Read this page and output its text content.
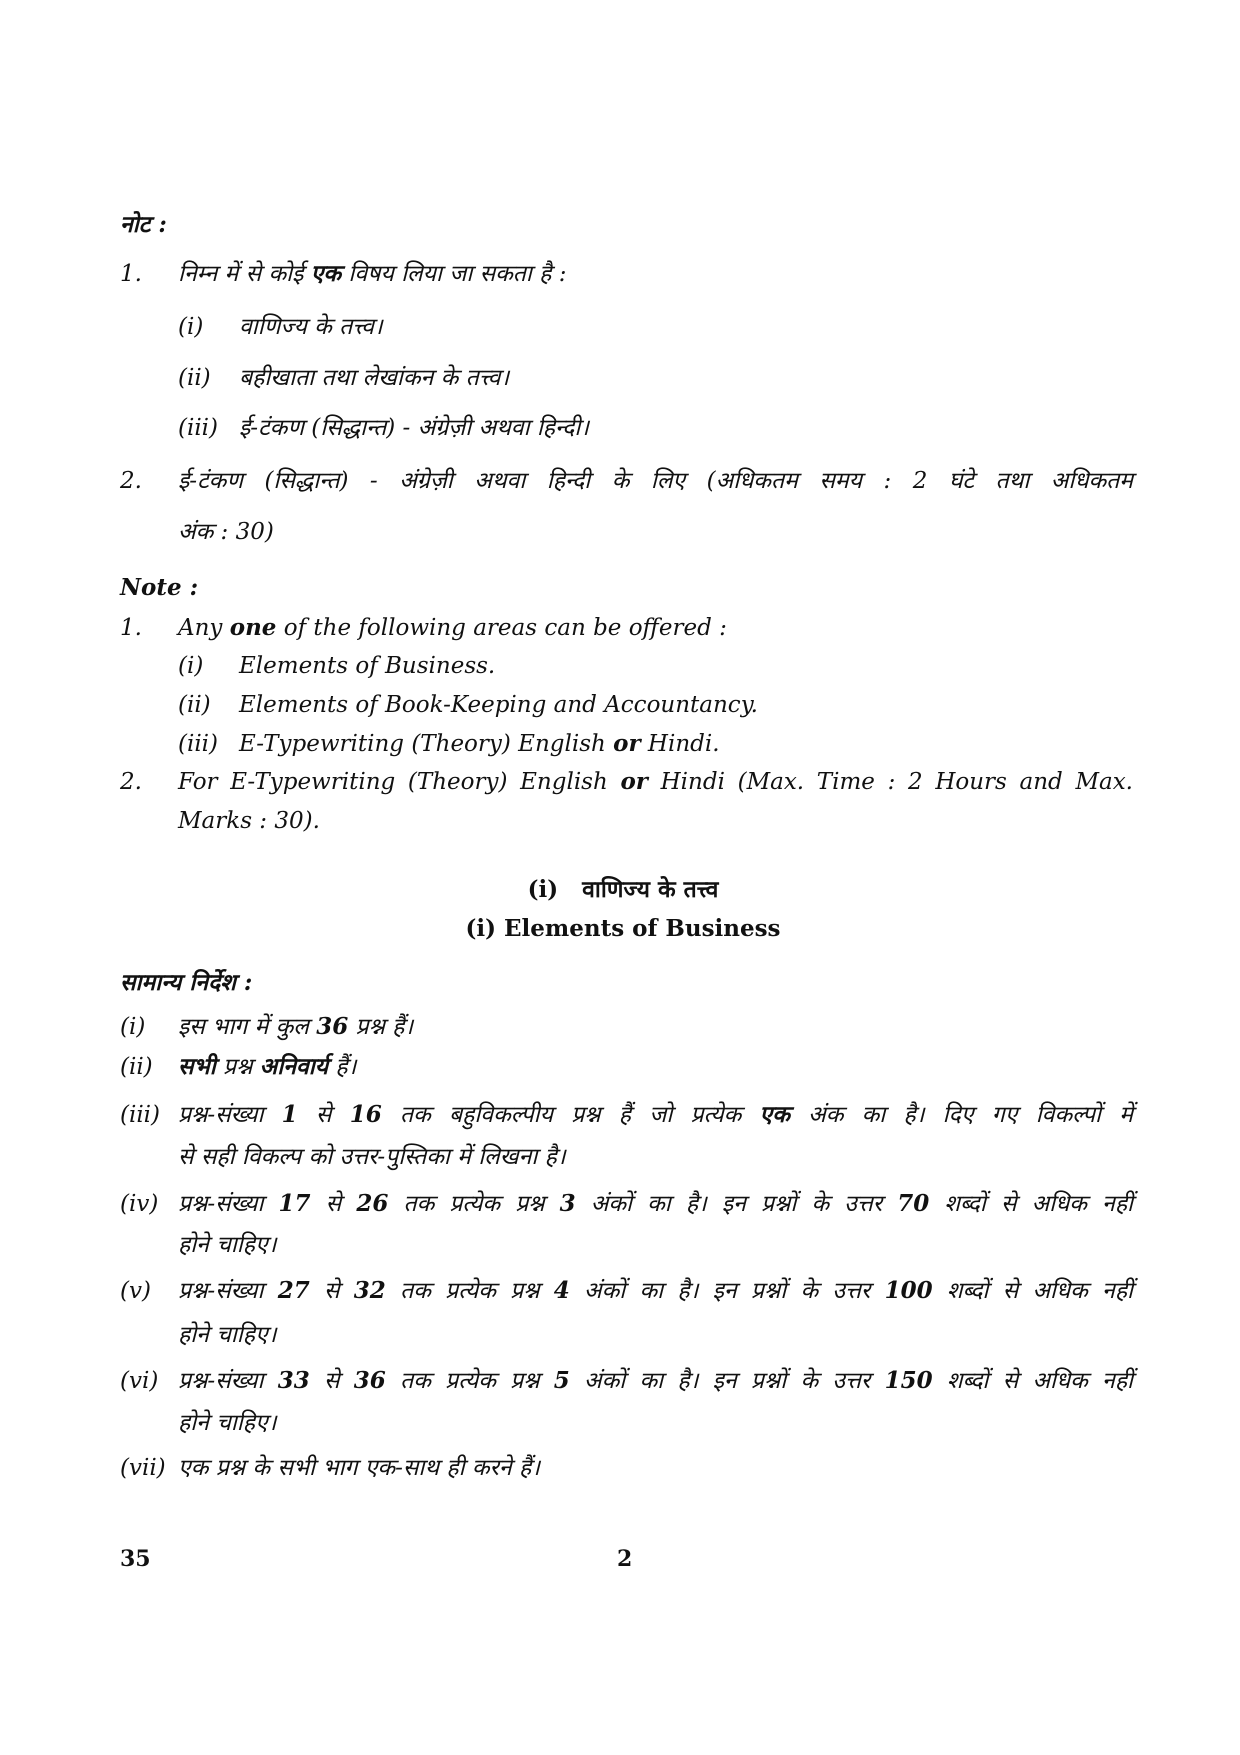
नोट :
1. निम्न में से कोई एक विषय लिया जा सकता है :
(i) वाणिज्य के तत्त्व।
(ii) बहीखाता तथा लेखांकन के तत्त्व।
(iii) ई-टंकण (सिद्धान्त) - अंग्रेज़ी अथवा हिन्दी।
2. ई-टंकण (सिद्धान्त) - अंग्रेज़ी अथवा हिन्दी के लिए (अधिकतम समय : 2 घंटे तथा अधिकतम
अंक : 30)
Note :
1. Any one of the following areas can be offered :
(i) Elements of Business.
(ii) Elements of Book-Keeping and Accountancy.
(iii) E-Typewriting (Theory) English or Hindi.
2. For E-Typewriting (Theory) English or Hindi (Max. Time : 2 Hours and Max.
Marks : 30).
(i)   वाणिज्य के तत्त्व
(i) Elements of Business
सामान्य निर्देश :
(i) इस भाग में कुल 36 प्रश्न हैं।
(ii) सभी प्रश्न अनिवार्य हैं।
(iii) प्रश्न-संख्या 1 से 16 तक बहुविकल्पीय प्रश्न हैं जो प्रत्येक एक अंक का है। दिए गए विकल्पों में
से सही विकल्प को उत्तर-पुस्तिका में लिखना है।
(iv) प्रश्न-संख्या 17 से 26 तक प्रत्येक प्रश्न 3 अंकों का है। इन प्रश्नों के उत्तर 70 शब्दों से अधिक नहीं
होने चाहिए।
(v) प्रश्न-संख्या 27 से 32 तक प्रत्येक प्रश्न 4 अंकों का है। इन प्रश्नों के उत्तर 100 शब्दों से अधिक नहीं
होने चाहिए।
(vi) प्रश्न-संख्या 33 से 36 तक प्रत्येक प्रश्न 5 अंकों का है। इन प्रश्नों के उत्तर 150 शब्दों से अधिक नहीं
होने चाहिए।
(vii) एक प्रश्न के सभी भाग एक-साथ ही करने हैं।
35	2
